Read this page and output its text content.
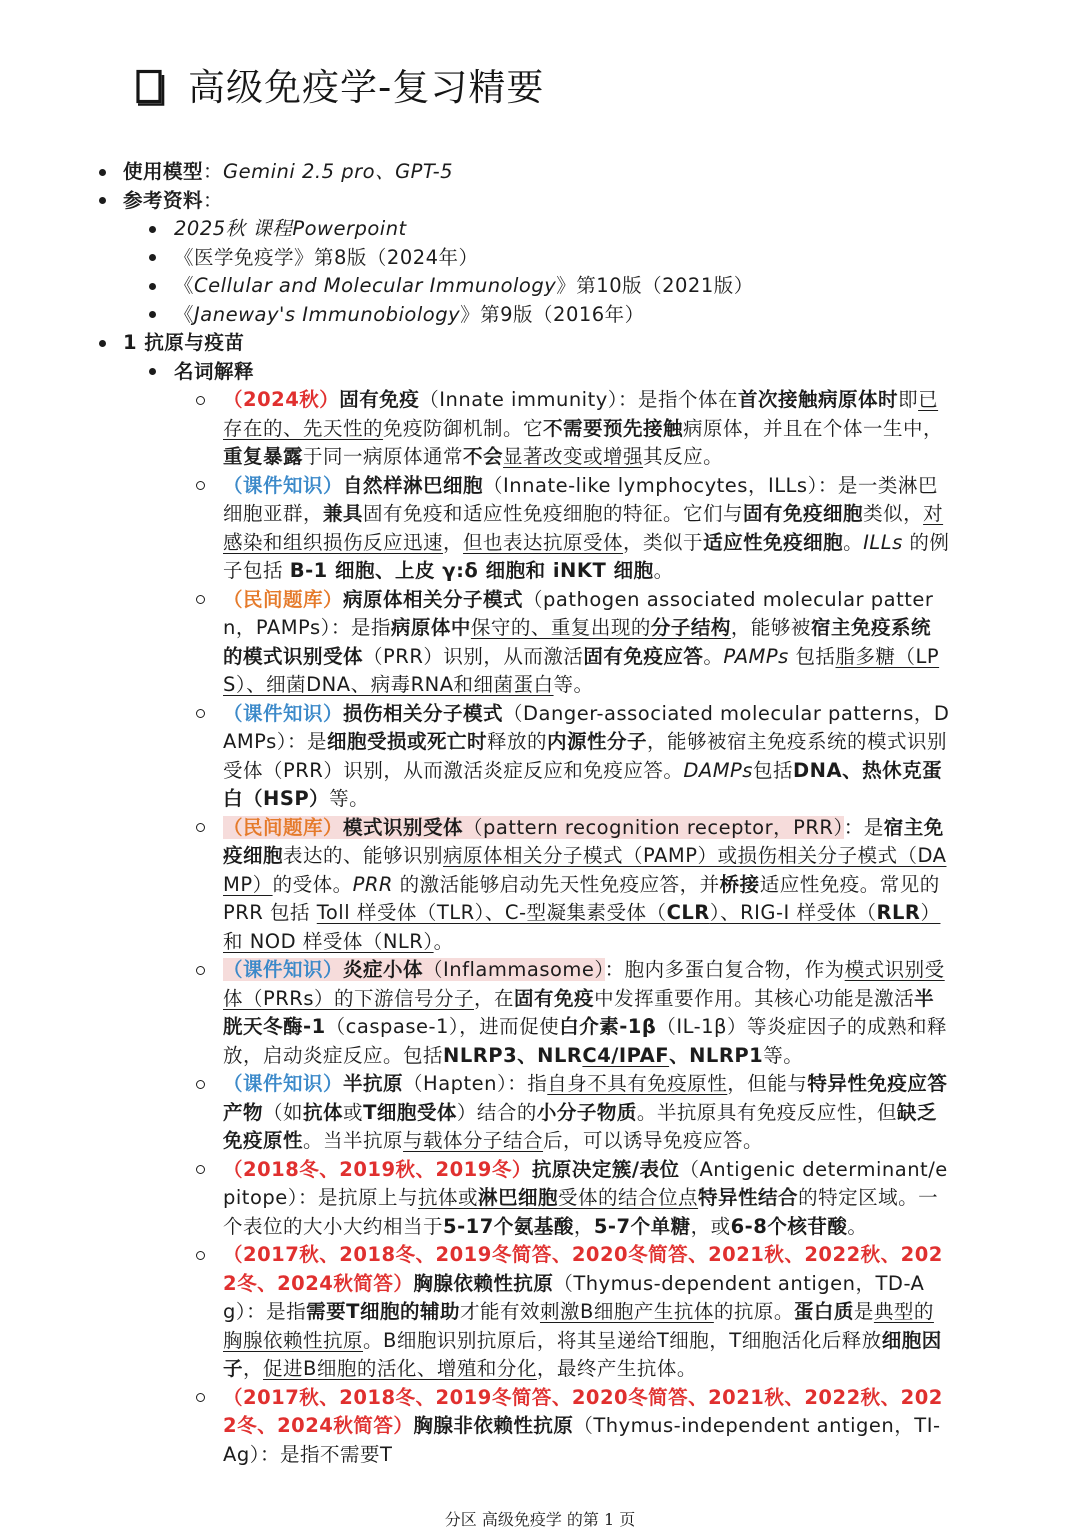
高级免疫学-复习精要
使用模型：Gemini 2.5 pro、GPT-5
参考资料：
2025秋 课程Powerpoint
《医学免疫学》第8版（2024年）
《Cellular and Molecular Immunology》第10版（2021版）
《Janeway's Immunobiology》第9版（2016年）
1 抗原与疫苗
名词解释
（2024秋）固有免疫（Innate immunity）：是指个体在首次接触病原体时即已存在的、先天性的免疫防御机制。它不需要预先接触病原体，并且在个体一生中，重复暴露于同一病原体通常不会显著改变或增强其反应。
（课件知识）自然样淋巴细胞（Innate-like lymphocytes，ILLs）：是一类淋巴细胞亚群，兼具固有免疫和适应性免疫细胞的特征。它们与固有免疫细胞类似，对感染和组织损伤反应迅速，但也表达抗原受体，类似于适应性免疫细胞。ILLs 的例子包括 B-1 细胞、上皮 γ:δ 细胞和 iNKT 细胞。
（民间题库）病原体相关分子模式（pathogen associated molecular pattern，PAMPs）：是指病原体中保守的、重复出现的分子结构，能够被宿主免疫系统的模式识别受体（PRR）识别，从而激活固有免疫应答。PAMPs 包括脂多糖（LPS）、细菌DNA、病毒RNA和细菌蛋白等。
（课件知识）损伤相关分子模式（Danger-associated molecular patterns，DAMPs）：是细胞受损或死亡时释放的内源性分子，能够被宿主免疫系统的模式识别受体（PRR）识别，从而激活炎症反应和免疫应答。DAMPs包括DNA、热休克蛋白（HSP）等。
（民间题库）模式识别受体（pattern recognition receptor，PRR）：是宿主免疫细胞表达的、能够识别病原体相关分子模式（PAMP）或损伤相关分子模式（DAMP）的受体。PRR 的激活能够启动先天性免疫应答，并桥接适应性免疫。常见的 PRR 包括 Toll 样受体（TLR）、C-型凝集素受体（CLR）、RIG-I 样受体（RLR）和 NOD 样受体（NLR）。
（课件知识）炎症小体（Inflammasome）：胞内多蛋白复合物，作为模式识别受体（PRRs）的下游信号分子，在固有免疫中发挥重要作用。其核心功能是激活半胱天冬酶-1（caspase-1），进而促使白介素-1β（IL-1β）等炎症因子的成熟和释放，启动炎症反应。包括NLRP3、NLRC4/IPAF、NLRP1等。
（课件知识）半抗原（Hapten）：指自身不具有免疫原性，但能与特异性免疫应答产物（如抗体或T细胞受体）结合的小分子物质。半抗原具有免疫反应性，但缺乏免疫原性。当半抗原与载体分子结合后，可以诱导免疫应答。
（2018冬、2019秋、2019冬）抗原决定簇/表位（Antigenic determinant/epitope）：是抗原上与抗体或淋巴细胞受体的结合位点特异性结合的特定区域。一个表位的大小大约相当于5-17个氨基酸，5-7个单糖，或6-8个核苷酸。
（2017秋、2018冬、2019冬简答、2020冬简答、2021秋、2022秋、2022冬、2024秋简答）胸腺依赖性抗原（Thymus-dependent antigen，TD-Ag）：是指需要T细胞的辅助才能有效刺激B细胞产生抗体的抗原。蛋白质是典型的胸腺依赖性抗原。B细胞识别抗原后，将其呈递给T细胞，T细胞活化后释放细胞因子，促进B细胞的活化、增殖和分化，最终产生抗体。
（2017秋、2018冬、2019冬简答、2020冬简答、2021秋、2022秋、2022冬、2024秋简答）胸腺非依赖性抗原（Thymus-independent antigen，TI-Ag）：是指不需要T
分区 高级免疫学 的第 1 页
